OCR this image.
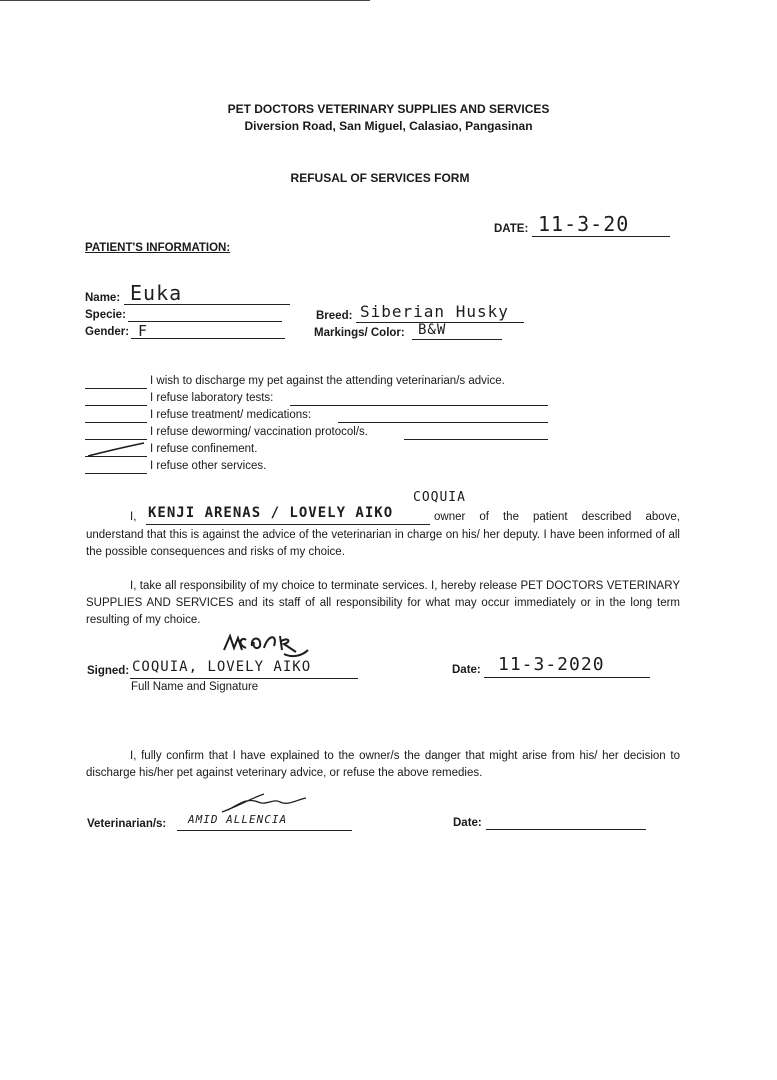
PET DOCTORS VETERINARY SUPPLIES AND SERVICES
Diversion Road, San Miguel, Calasiao, Pangasinan
REFUSAL OF SERVICES FORM
DATE: 11-3-20
PATIENT'S INFORMATION:
Name: Euka
Specie:
Gender: F
Breed: Siberian Husky
Markings/ Color: B&W
I wish to discharge my pet against the attending veterinarian/s advice.
I refuse laboratory tests:
I refuse treatment/ medications:
I refuse deworming/ vaccination protocol/s.
I refuse confinement.
I refuse other services.
COQUIA
I, KENJI ARENAS / LOVELY AIKO	owner of the patient described above,
understand that this is against the advice of the veterinarian in charge on his/ her deputy. I have been informed of all the possible consequences and risks of my choice.
I, take all responsibility of my choice to terminate services. I, hereby release PET DOCTORS VETERINARY SUPPLIES AND SERVICES and its staff of all responsibility for what may occur immediately or in the long term resulting of my choice.
Signed: COQUIA, LOVELY AIKO
Full Name and Signature
Date: 11-3-2020
I, fully confirm that I have explained to the owner/s the danger that might arise from his/ her decision to discharge his/her pet against veterinary advice, or refuse the above remedies.
Veterinarian/s: AMID ALLENCIA	Date:
